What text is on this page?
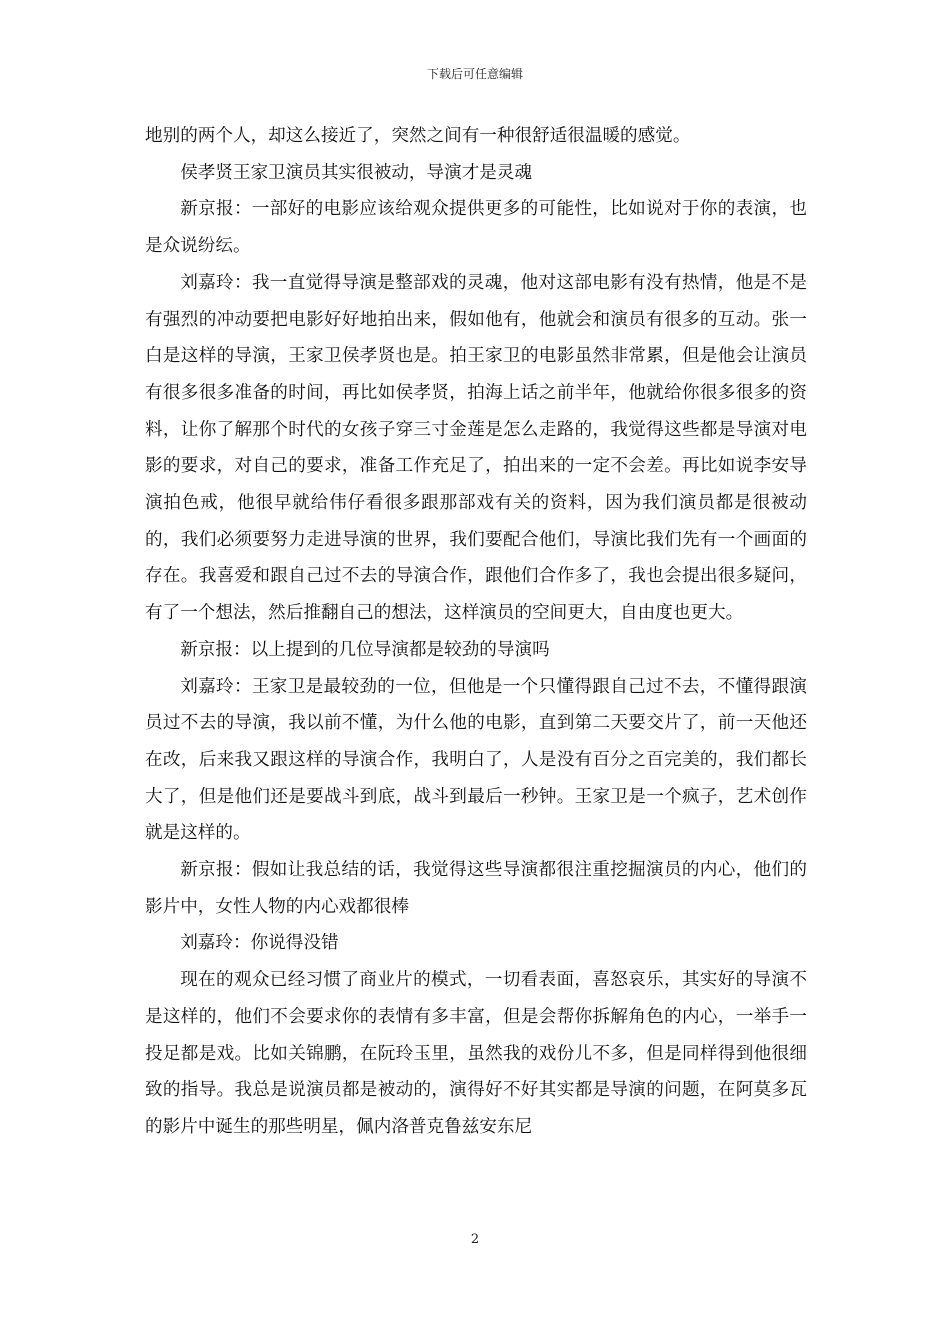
下载后可任意编辑

地别的两个人，却这么接近了，突然之间有一种很舒适很温暖的感觉。

侯孝贤王家卫演员其实很被动，导演才是灵魂

新京报：一部好的电影应该给观众提供更多的可能性，比如说对于你的表演，也是众说纷纭。

刘嘉玲：我一直觉得导演是整部戏的灵魂，他对这部电影有没有热情，他是不是有强烈的冲动要把电影好好地拍出来，假如他有，他就会和演员有很多的互动。张一白是这样的导演，王家卫侯孝贤也是。拍王家卫的电影虽然非常累，但是他会让演员有很多很多准备的时间，再比如侯孝贤，拍海上话之前半年，他就给你很多很多的资料，让你了解那个时代的女孩子穿三寸金莲是怎么走路的，我觉得这些都是导演对电影的要求，对自己的要求，准备工作充足了，拍出来的一定不会差。再比如说李安导演拍色戒，他很早就给伟仔看很多跟那部戏有关的资料，因为我们演员都是很被动的，我们必须要努力走进导演的世界，我们要配合他们，导演比我们先有一个画面的存在。我喜爱和跟自己过不去的导演合作，跟他们合作多了，我也会提出很多疑问，有了一个想法，然后推翻自己的想法，这样演员的空间更大，自由度也更大。

新京报：以上提到的几位导演都是较劲的导演吗

刘嘉玲：王家卫是最较劲的一位，但他是一个只懂得跟自己过不去，不懂得跟演员过不去的导演，我以前不懂，为什么他的电影，直到第二天要交片了，前一天他还在改，后来我又跟这样的导演合作，我明白了，人是没有百分之百完美的，我们都长大了，但是他们还是要战斗到底，战斗到最后一秒钟。王家卫是一个疯子，艺术创作就是这样的。

新京报：假如让我总结的话，我觉得这些导演都很注重挖掘演员的内心，他们的影片中，女性人物的内心戏都很棒

刘嘉玲：你说得没错

现在的观众已经习惯了商业片的模式，一切看表面，喜怒哀乐，其实好的导演不是这样的，他们不会要求你的表情有多丰富，但是会帮你拆解角色的内心，一举手一投足都是戏。比如关锦鹏，在阮玲玉里，虽然我的戏份儿不多，但是同样得到他很细致的指导。我总是说演员都是被动的，演得好不好其实都是导演的问题，在阿莫多瓦的影片中诞生的那些明星，佩内洛普克鲁兹安东尼

2
